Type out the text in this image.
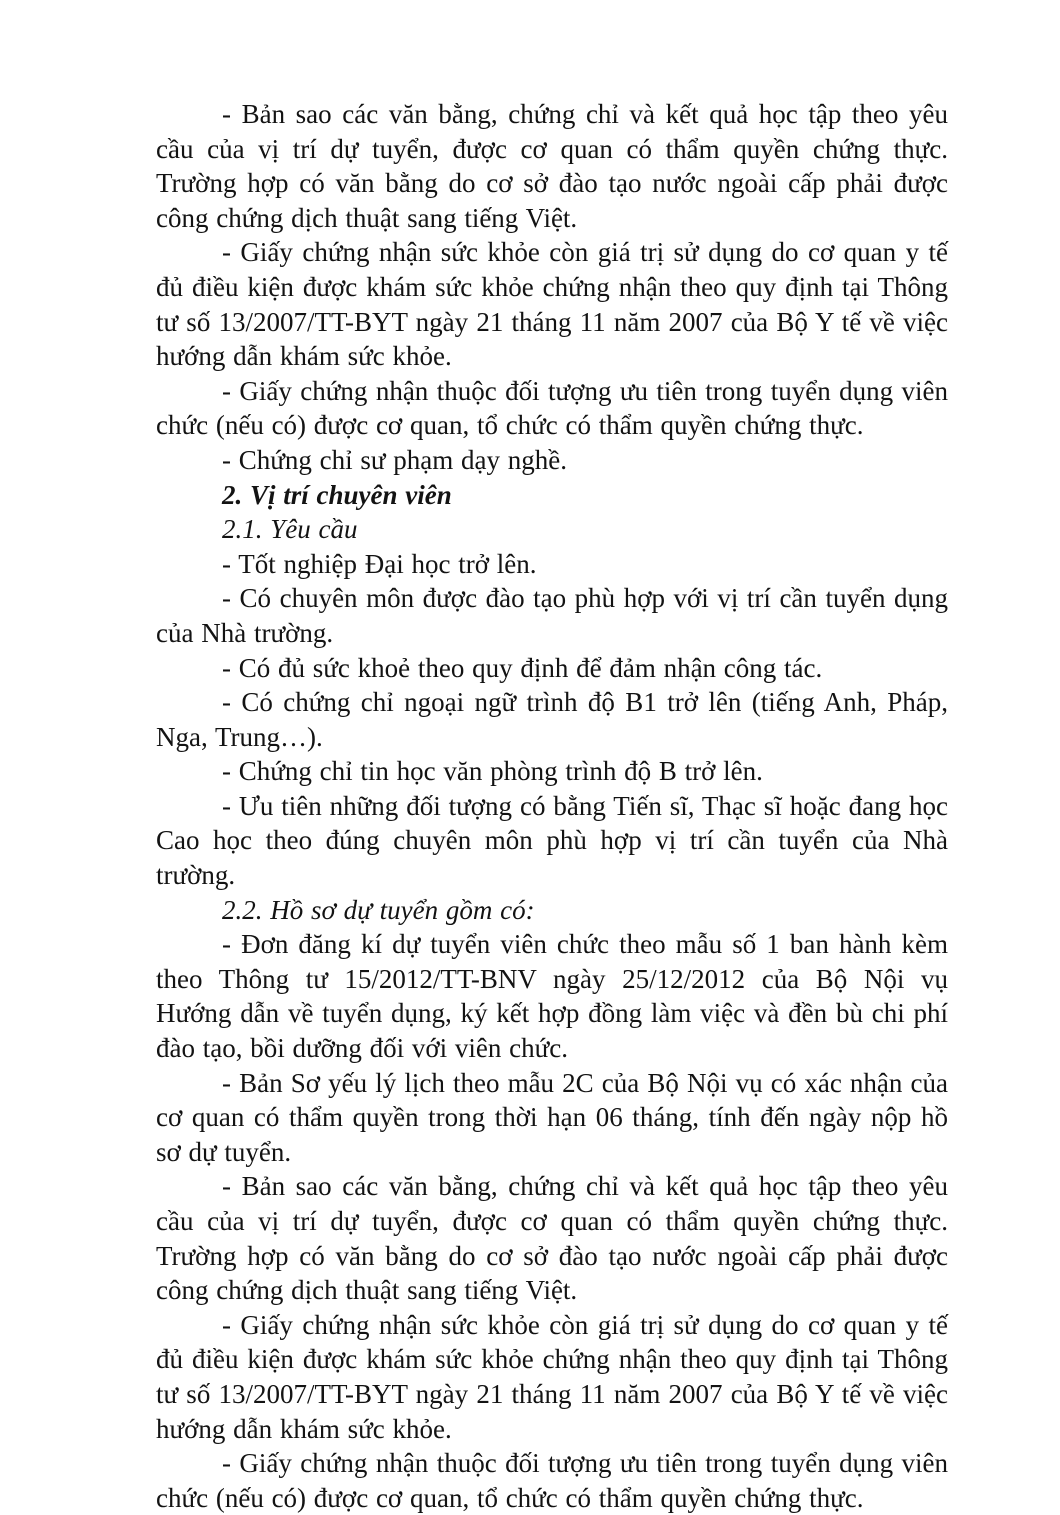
- Bản sao các văn bằng, chứng chỉ và kết quả học tập theo yêu cầu của vị trí dự tuyển, được cơ quan có thẩm quyền chứng thực. Trường hợp có văn bằng do cơ sở đào tạo nước ngoài cấp phải được công chứng dịch thuật sang tiếng Việt.

- Giấy chứng nhận sức khỏe còn giá trị sử dụng do cơ quan y tế đủ điều kiện được khám sức khỏe chứng nhận theo quy định tại Thông tư số 13/2007/TT-BYT ngày 21 tháng 11 năm 2007 của Bộ Y tế về việc hướng dẫn khám sức khỏe.

- Giấy chứng nhận thuộc đối tượng ưu tiên trong tuyển dụng viên chức (nếu có) được cơ quan, tổ chức có thẩm quyền chứng thực.

- Chứng chỉ sư phạm dạy nghề.

2. Vị trí chuyên viên

2.1. Yêu cầu

- Tốt nghiệp Đại học trở lên.

- Có chuyên môn được đào tạo phù hợp với vị trí cần tuyển dụng của Nhà trường.

- Có đủ sức khoẻ theo quy định để đảm nhận công tác.

- Có chứng chỉ ngoại ngữ trình độ B1 trở lên (tiếng Anh, Pháp, Nga, Trung…).

- Chứng chỉ tin học văn phòng trình độ B trở lên.

- Ưu tiên những đối tượng có bằng Tiến sĩ, Thạc sĩ hoặc đang học Cao học theo đúng chuyên môn phù hợp vị trí cần tuyển của Nhà trường.

2.2. Hồ sơ dự tuyển gồm có:

- Đơn đăng kí dự tuyển viên chức theo mẫu số 1 ban hành kèm theo Thông tư 15/2012/TT-BNV ngày 25/12/2012 của Bộ Nội vụ Hướng dẫn về tuyển dụng, ký kết hợp đồng làm việc và đền bù chi phí đào tạo, bồi dưỡng đối với viên chức.

- Bản Sơ yếu lý lịch theo mẫu 2C của Bộ Nội vụ có xác nhận của cơ quan có thẩm quyền trong thời hạn 06 tháng, tính đến ngày nộp hồ sơ dự tuyển.

- Bản sao các văn bằng, chứng chỉ và kết quả học tập theo yêu cầu của vị trí dự tuyển, được cơ quan có thẩm quyền chứng thực. Trường hợp có văn bằng do cơ sở đào tạo nước ngoài cấp phải được công chứng dịch thuật sang tiếng Việt.

- Giấy chứng nhận sức khỏe còn giá trị sử dụng do cơ quan y tế đủ điều kiện được khám sức khỏe chứng nhận theo quy định tại Thông tư số 13/2007/TT-BYT ngày 21 tháng 11 năm 2007 của Bộ Y tế về việc hướng dẫn khám sức khỏe.

- Giấy chứng nhận thuộc đối tượng ưu tiên trong tuyển dụng viên chức (nếu có) được cơ quan, tổ chức có thẩm quyền chứng thực.
